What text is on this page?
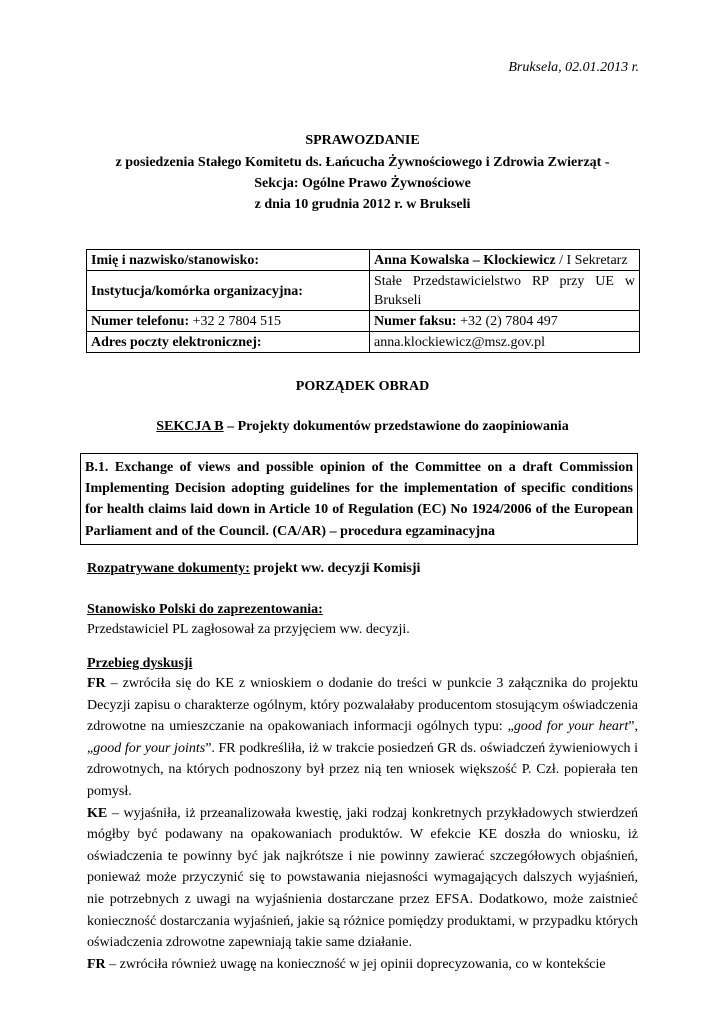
Bruksela, 02.01.2013 r.
SPRAWOZDANIE
z posiedzenia Stałego Komitetu ds. Łańcucha Żywnościowego i Zdrowia Zwierząt -
Sekcja: Ogólne Prawo Żywnościowe
z dnia 10 grudnia 2012 r. w Brukseli
Imię i nazwisko/stanowisko:	Anna Kowalska – Klockiewicz / I Sekretarz
Instytucja/komórka organizacyjna:	Stałe Przedstawicielstwo RP przy UE w Brukseli
Numer telefonu: +32 2 7804 515	Numer faksu: +32 (2) 7804 497
Adres poczty elektronicznej:	anna.klockiewicz@msz.gov.pl
PORZĄDEK OBRAD
SEKCJA B – Projekty dokumentów przedstawione do zaopiniowania
B.1. Exchange of views and possible opinion of the Committee on a draft Commission Implementing Decision adopting guidelines for the implementation of specific conditions for health claims laid down in Article 10 of Regulation (EC) No 1924/2006 of the European Parliament and of the Council. (CA/AR) – procedura egzaminacyjna
Rozpatrywane dokumenty: projekt ww. decyzji Komisji
Stanowisko Polski do zaprezentowania:
Przedstawiciel PL zagłosował za przyjęciem ww. decyzji.
Przebieg dyskusji

FR – zwróciła się do KE z wnioskiem o dodanie do treści w punkcie 3 załącznika do projektu Decyzji zapisu o charakterze ogólnym, który pozwalałaby producentom stosującym oświadczenia zdrowotne na umieszczanie na opakowaniach informacji ogólnych typu: „good for your heart”, „good for your joints”. FR podkreśliła, iż w trakcie posiedzeń GR ds. oświadczeń żywieniowych i zdrowotnych, na których podnoszony był przez nią ten wniosek większość P. Czł. popierała ten pomysł.

KE – wyjaśniła, iż przeanalizowała kwestię, jaki rodzaj konkretnych przykładowych stwierdzeń mógłby być podawany na opakowaniach produktów. W efekcie KE doszła do wniosku, iż oświadczenia te powinny być jak najkrótsze i nie powinny zawierać szczegółowych objaśnień, ponieważ może przyczynić się to powstawania niejasności wymagających dalszych wyjaśnień, nie potrzebnych z uwagi na wyjaśnienia dostarczane przez EFSA. Dodatkowo, może zaistnieć konieczność dostarczania wyjaśnień, jakie są różnice pomiędzy produktami, w przypadku których oświadczenia zdrowotne zapewniają takie same działanie.

FR – zwróciła również uwagę na konieczność w jej opinii doprecyzowania, co w kontekście
